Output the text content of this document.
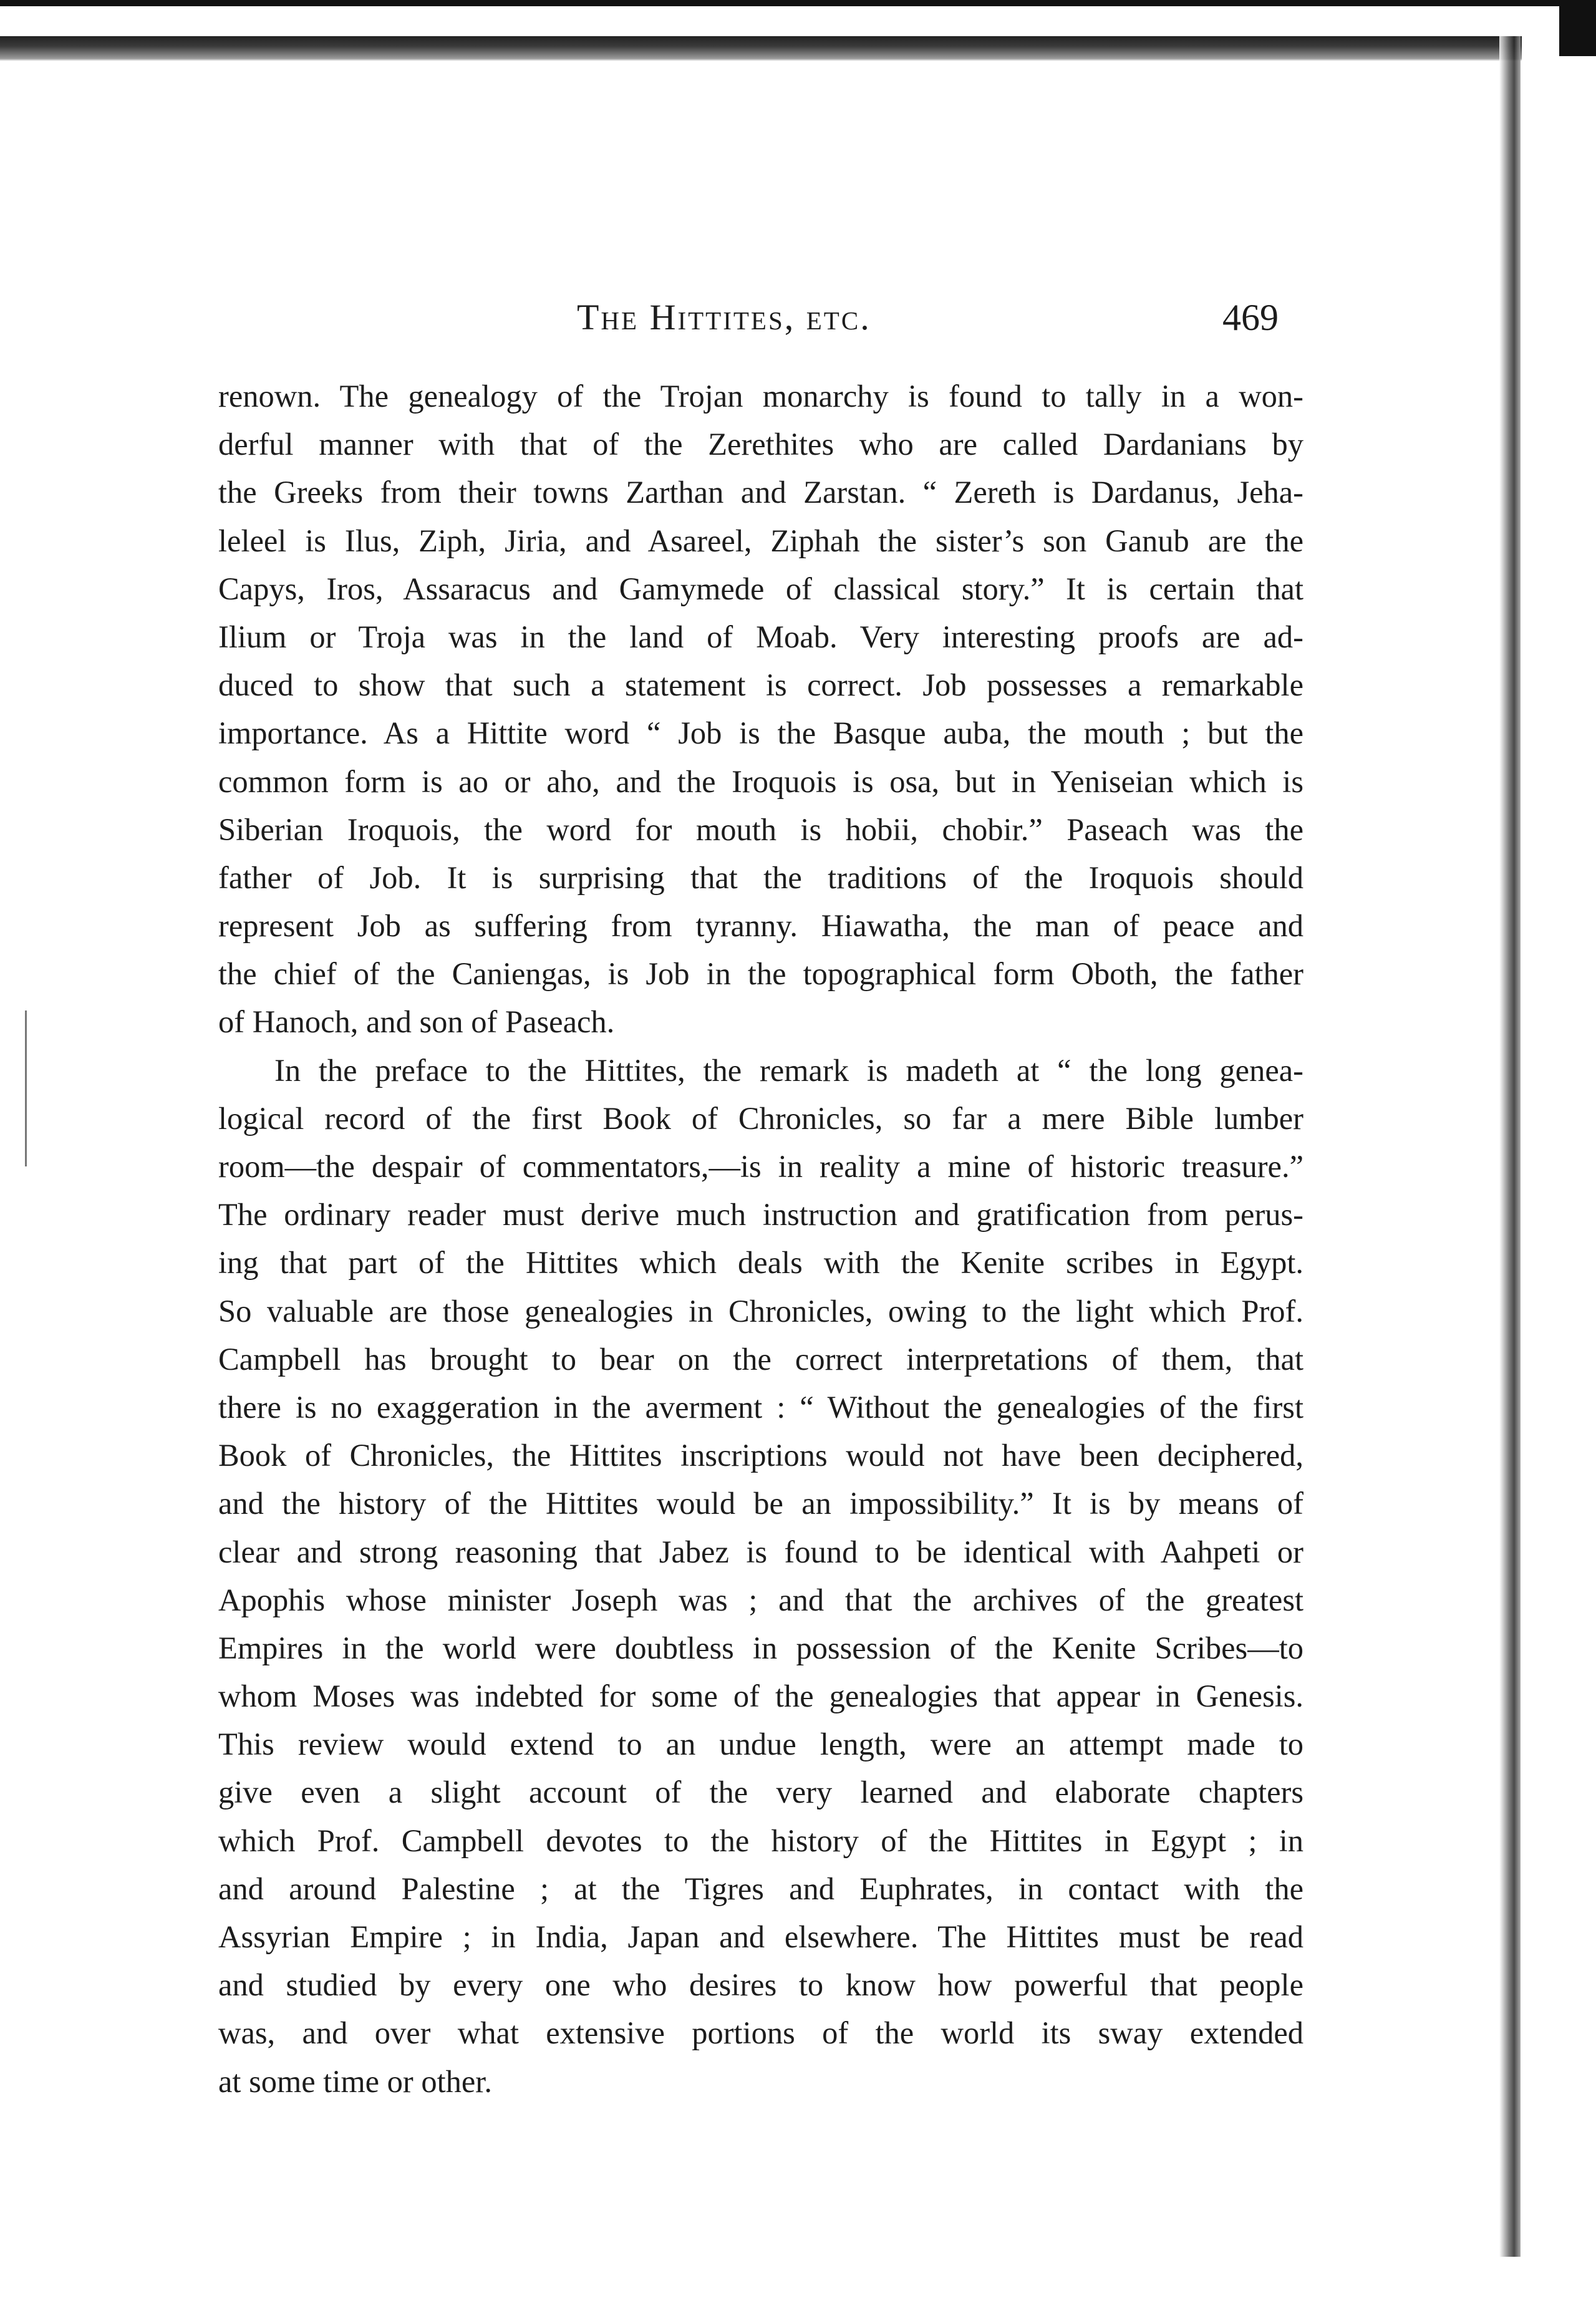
The Hittites, etc.	469

renown. The genealogy of the Trojan monarchy is found to tally in a won-
derful manner with that of the Zerethites who are called Dardanians by
the Greeks from their towns Zarthan and Zarstan. “ Zereth is Dardanus, Jeha-
leleel is Ilus, Ziph, Jiria, and Asareel, Ziphah the sister’s son Ganub are the
Capys, Iros, Assaracus and Gamymede of classical story.” It is certain that
Ilium or Troja was in the land of Moab. Very interesting proofs are ad-
duced to show that such a statement is correct. Job possesses a remarkable
importance. As a Hittite word “ Job is the Basque auba, the mouth ; but the
common form is ao or aho, and the Iroquois is osa, but in Yeniseian which is
Siberian Iroquois, the word for mouth is hobii, chobir.” Paseach was the
father of Job. It is surprising that the traditions of the Iroquois should
represent Job as suffering from tyranny. Hiawatha, the man of peace and
the chief of the Caniengas, is Job in the topographical form Oboth, the father
of Hanoch, and son of Paseach.

In the preface to the Hittites, the remark is madeth at “ the long genea-
logical record of the first Book of Chronicles, so far a mere Bible lumber
room—the despair of commentators,—is in reality a mine of historic treasure.”
The ordinary reader must derive much instruction and gratification from perus-
ing that part of the Hittites which deals with the Kenite scribes in Egypt.
So valuable are those genealogies in Chronicles, owing to the light which Prof.
Campbell has brought to bear on the correct interpretations of them, that
there is no exaggeration in the averment : “ Without the genealogies of the first
Book of Chronicles, the Hittites inscriptions would not have been deciphered,
and the history of the Hittites would be an impossibility.” It is by means of
clear and strong reasoning that Jabez is found to be identical with Aahpeti or
Apophis whose minister Joseph was ; and that the archives of the greatest
Empires in the world were doubtless in possession of the Kenite Scribes—to
whom Moses was indebted for some of the genealogies that appear in Genesis.
This review would extend to an undue length, were an attempt made to
give even a slight account of the very learned and elaborate chapters
which Prof. Campbell devotes to the history of the Hittites in Egypt ; in
and around Palestine ; at the Tigres and Euphrates, in contact with the
Assyrian Empire ; in India, Japan and elsewhere. The Hittites must be read
and studied by every one who desires to know how powerful that people
was, and over what extensive portions of the world its sway extended
at some time or other.
